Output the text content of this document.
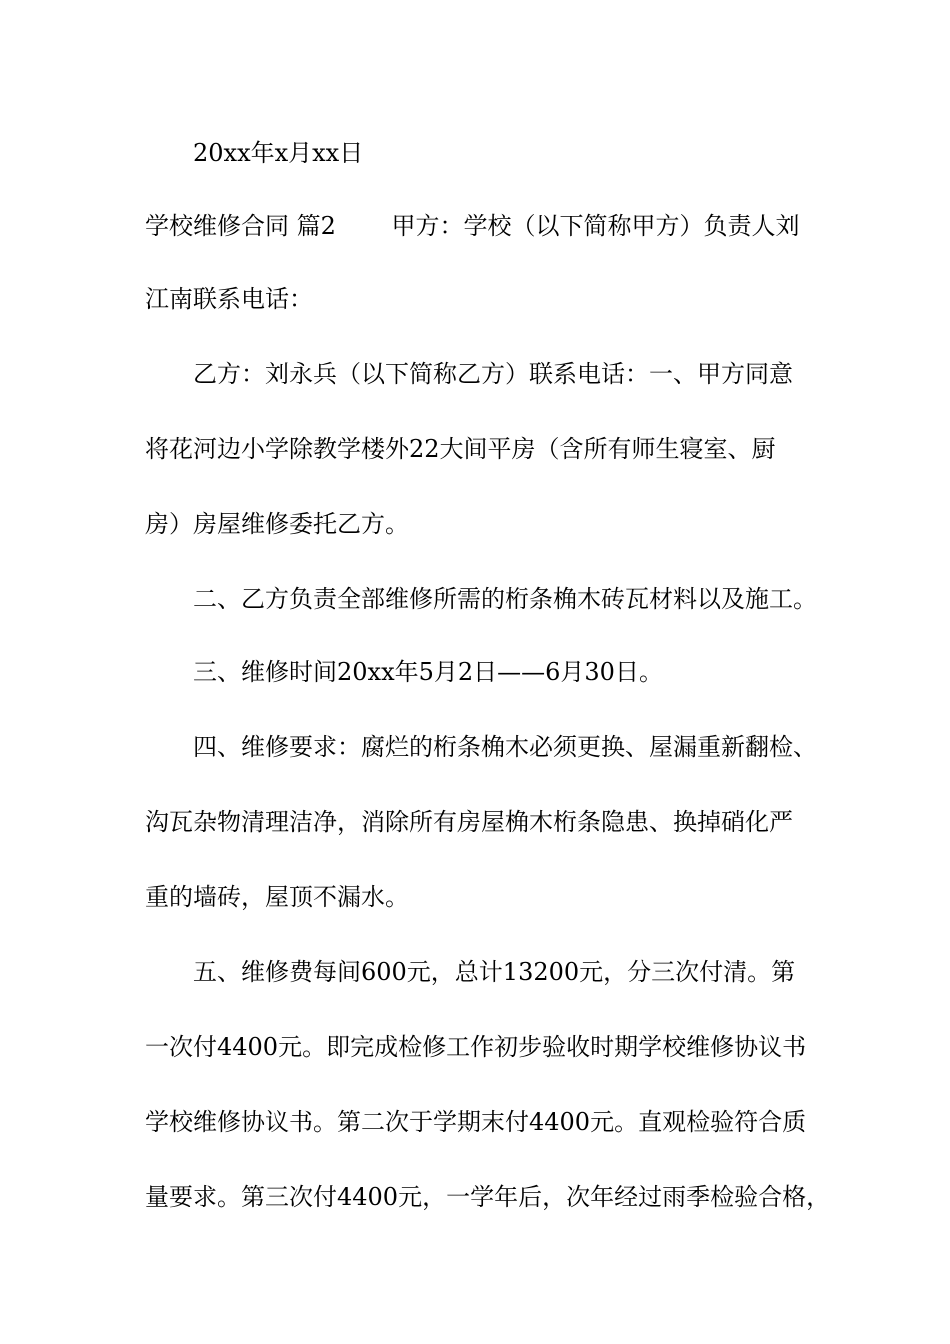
20xx年x月xx日
学校维修合同 篇2 　　甲方：学校（以下简称甲方）负责人刘
江南联系电话：
乙方：刘永兵（以下简称乙方）联系电话：一、甲方同意
将花河边小学除教学楼外22大间平房（含所有师生寝室、厨
房）房屋维修委托乙方。
二、乙方负责全部维修所需的桁条桷木砖瓦材料以及施工。
三、维修时间20xx年5月2日——6月30日。
四、维修要求：腐烂的桁条桷木必须更换、屋漏重新翻检、
沟瓦杂物清理洁净，消除所有房屋桷木桁条隐患、换掉硝化严
重的墙砖，屋顶不漏水。
五、维修费每间600元，总计13200元，分三次付清。第
一次付4400元。即完成检修工作初步验收时期学校维修协议书
学校维修协议书。第二次于学期末付4400元。直观检验符合质
量要求。第三次付4400元，一学年后，次年经过雨季检验合格，
